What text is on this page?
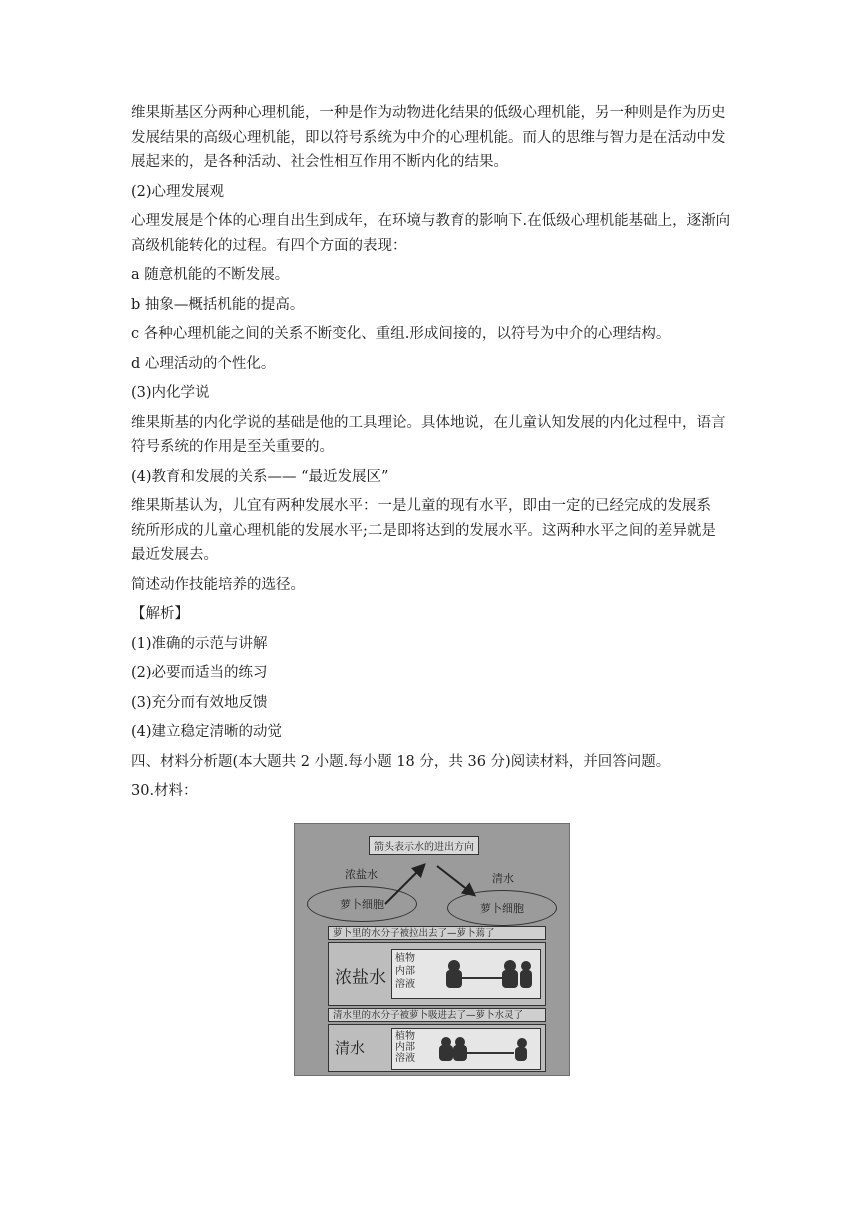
维果斯基区分两种心理机能，一种是作为动物进化结果的低级心理机能，另一种则是作为历史发展结果的高级心理机能，即以符号系统为中介的心理机能。而人的思维与智力是在活动中发展起来的，是各种活动、社会性相互作用不断内化的结果。

(2)心理发展观

心理发展是个体的心理自出生到成年，在环境与教育的影响下.在低级心理机能基础上，逐渐向高级机能转化的过程。有四个方面的表现：

a 随意机能的不断发展。

b 抽象—概括机能的提高。

c 各种心理机能之间的关系不断变化、重组.形成间接的，以符号为中介的心理结构。

d 心理活动的个性化。

(3)内化学说

维果斯基的内化学说的基础是他的工具理论。具体地说，在儿童认知发展的内化过程中，语言符号系统的作用是至关重要的。

(4)教育和发展的关系—— “最近发展区”

维果斯基认为，儿宜有两种发展水平：一是儿童的现有水平，即由一定的已经完成的发展系统所形成的儿童心理机能的发展水平;二是即将达到的发展水平。这两种水平之间的差异就是最近发展去。

简述动作技能培养的选径。

【解析】

(1)准确的示范与讲解

(2)必要而适当的练习

(3)充分而有效地反馈

(4)建立稳定清晰的动觉

四、材料分析题(本大题共 2 小题.每小题 18 分，共 36 分)阅读材料，并回答问题。

30.材料：

箭头表示水的进出方向
浓盐水	清水
萝卜细胞	萝卜细胞
萝卜里的水分子被拉出去了—萝卜蔫了
浓盐水
植物
内部
溶液
清水里的水分子被萝卜吸进去了—萝卜水灵了
清水
植物
内部
溶液
